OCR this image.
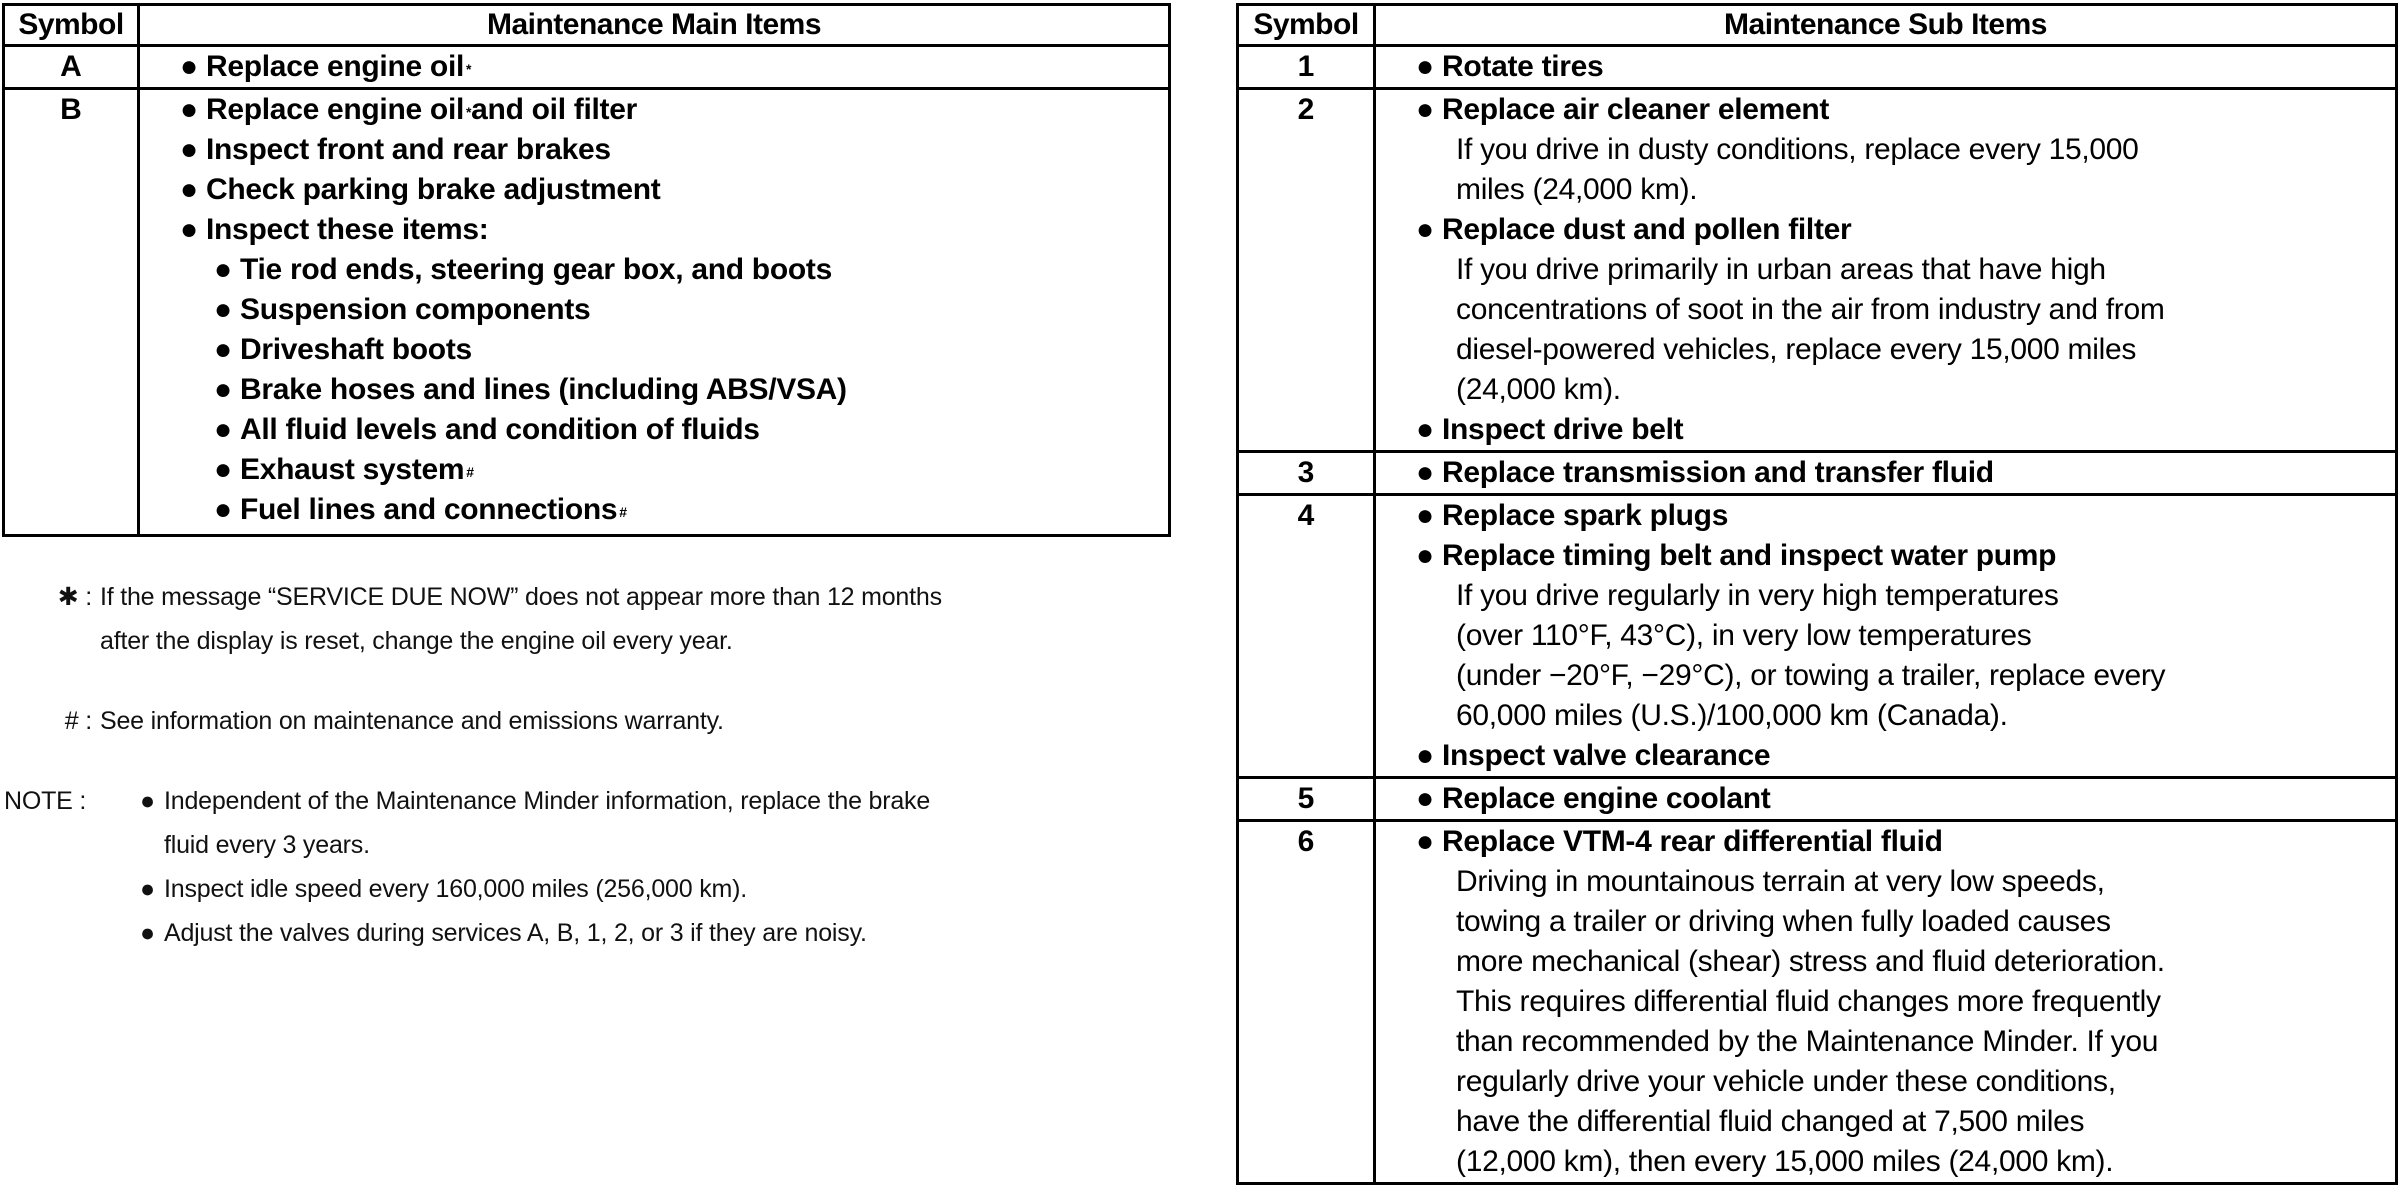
Symbol	Maintenance Main Items
A	● Replace engine oil *

B	● Replace engine oil *and oil filter
● Inspect front and rear brakes
● Check parking brake adjustment
● Inspect these items:
● Tie rod ends, steering gear box, and boots
● Suspension components
● Driveshaft boots
● Brake hoses and lines (including ABS/VSA)
● All fluid levels and condition of fluids
● Exhaust system #
● Fuel lines and connections #
✱ : If the message “SERVICE DUE NOW” does not appear more than 12 months
after the display is reset, change the engine oil every year.
# : See information on maintenance and emissions warranty.
NOTE :	● Independent of the Maintenance Minder information, replace the brake
fluid every 3 years.
● Inspect idle speed every 160,000 miles (256,000 km).
● Adjust the valves during services A, B, 1, 2, or 3 if they are noisy.
Symbol	Maintenance Sub Items
1	● Rotate tires

2	● Replace air cleaner element
If you drive in dusty conditions, replace every 15,000
miles (24,000 km).
● Replace dust and pollen filter
If you drive primarily in urban areas that have high
concentrations of soot in the air from industry and from
diesel-powered vehicles, replace every 15,000 miles
(24,000 km).
● Inspect drive belt

3	● Replace transmission and transfer fluid

4	● Replace spark plugs
● Replace timing belt and inspect water pump
If you drive regularly in very high temperatures
(over 110°F, 43°C), in very low temperatures
(under −20°F, −29°C), or towing a trailer, replace every
60,000 miles (U.S.)/100,000 km (Canada).
● Inspect valve clearance

5	● Replace engine coolant

6	● Replace VTM-4 rear differential fluid
Driving in mountainous terrain at very low speeds,
towing a trailer or driving when fully loaded causes
more mechanical (shear) stress and fluid deterioration.
This requires differential fluid changes more frequently
than recommended by the Maintenance Minder. If you
regularly drive your vehicle under these conditions,
have the differential fluid changed at 7,500 miles
(12,000 km), then every 15,000 miles (24,000 km).
